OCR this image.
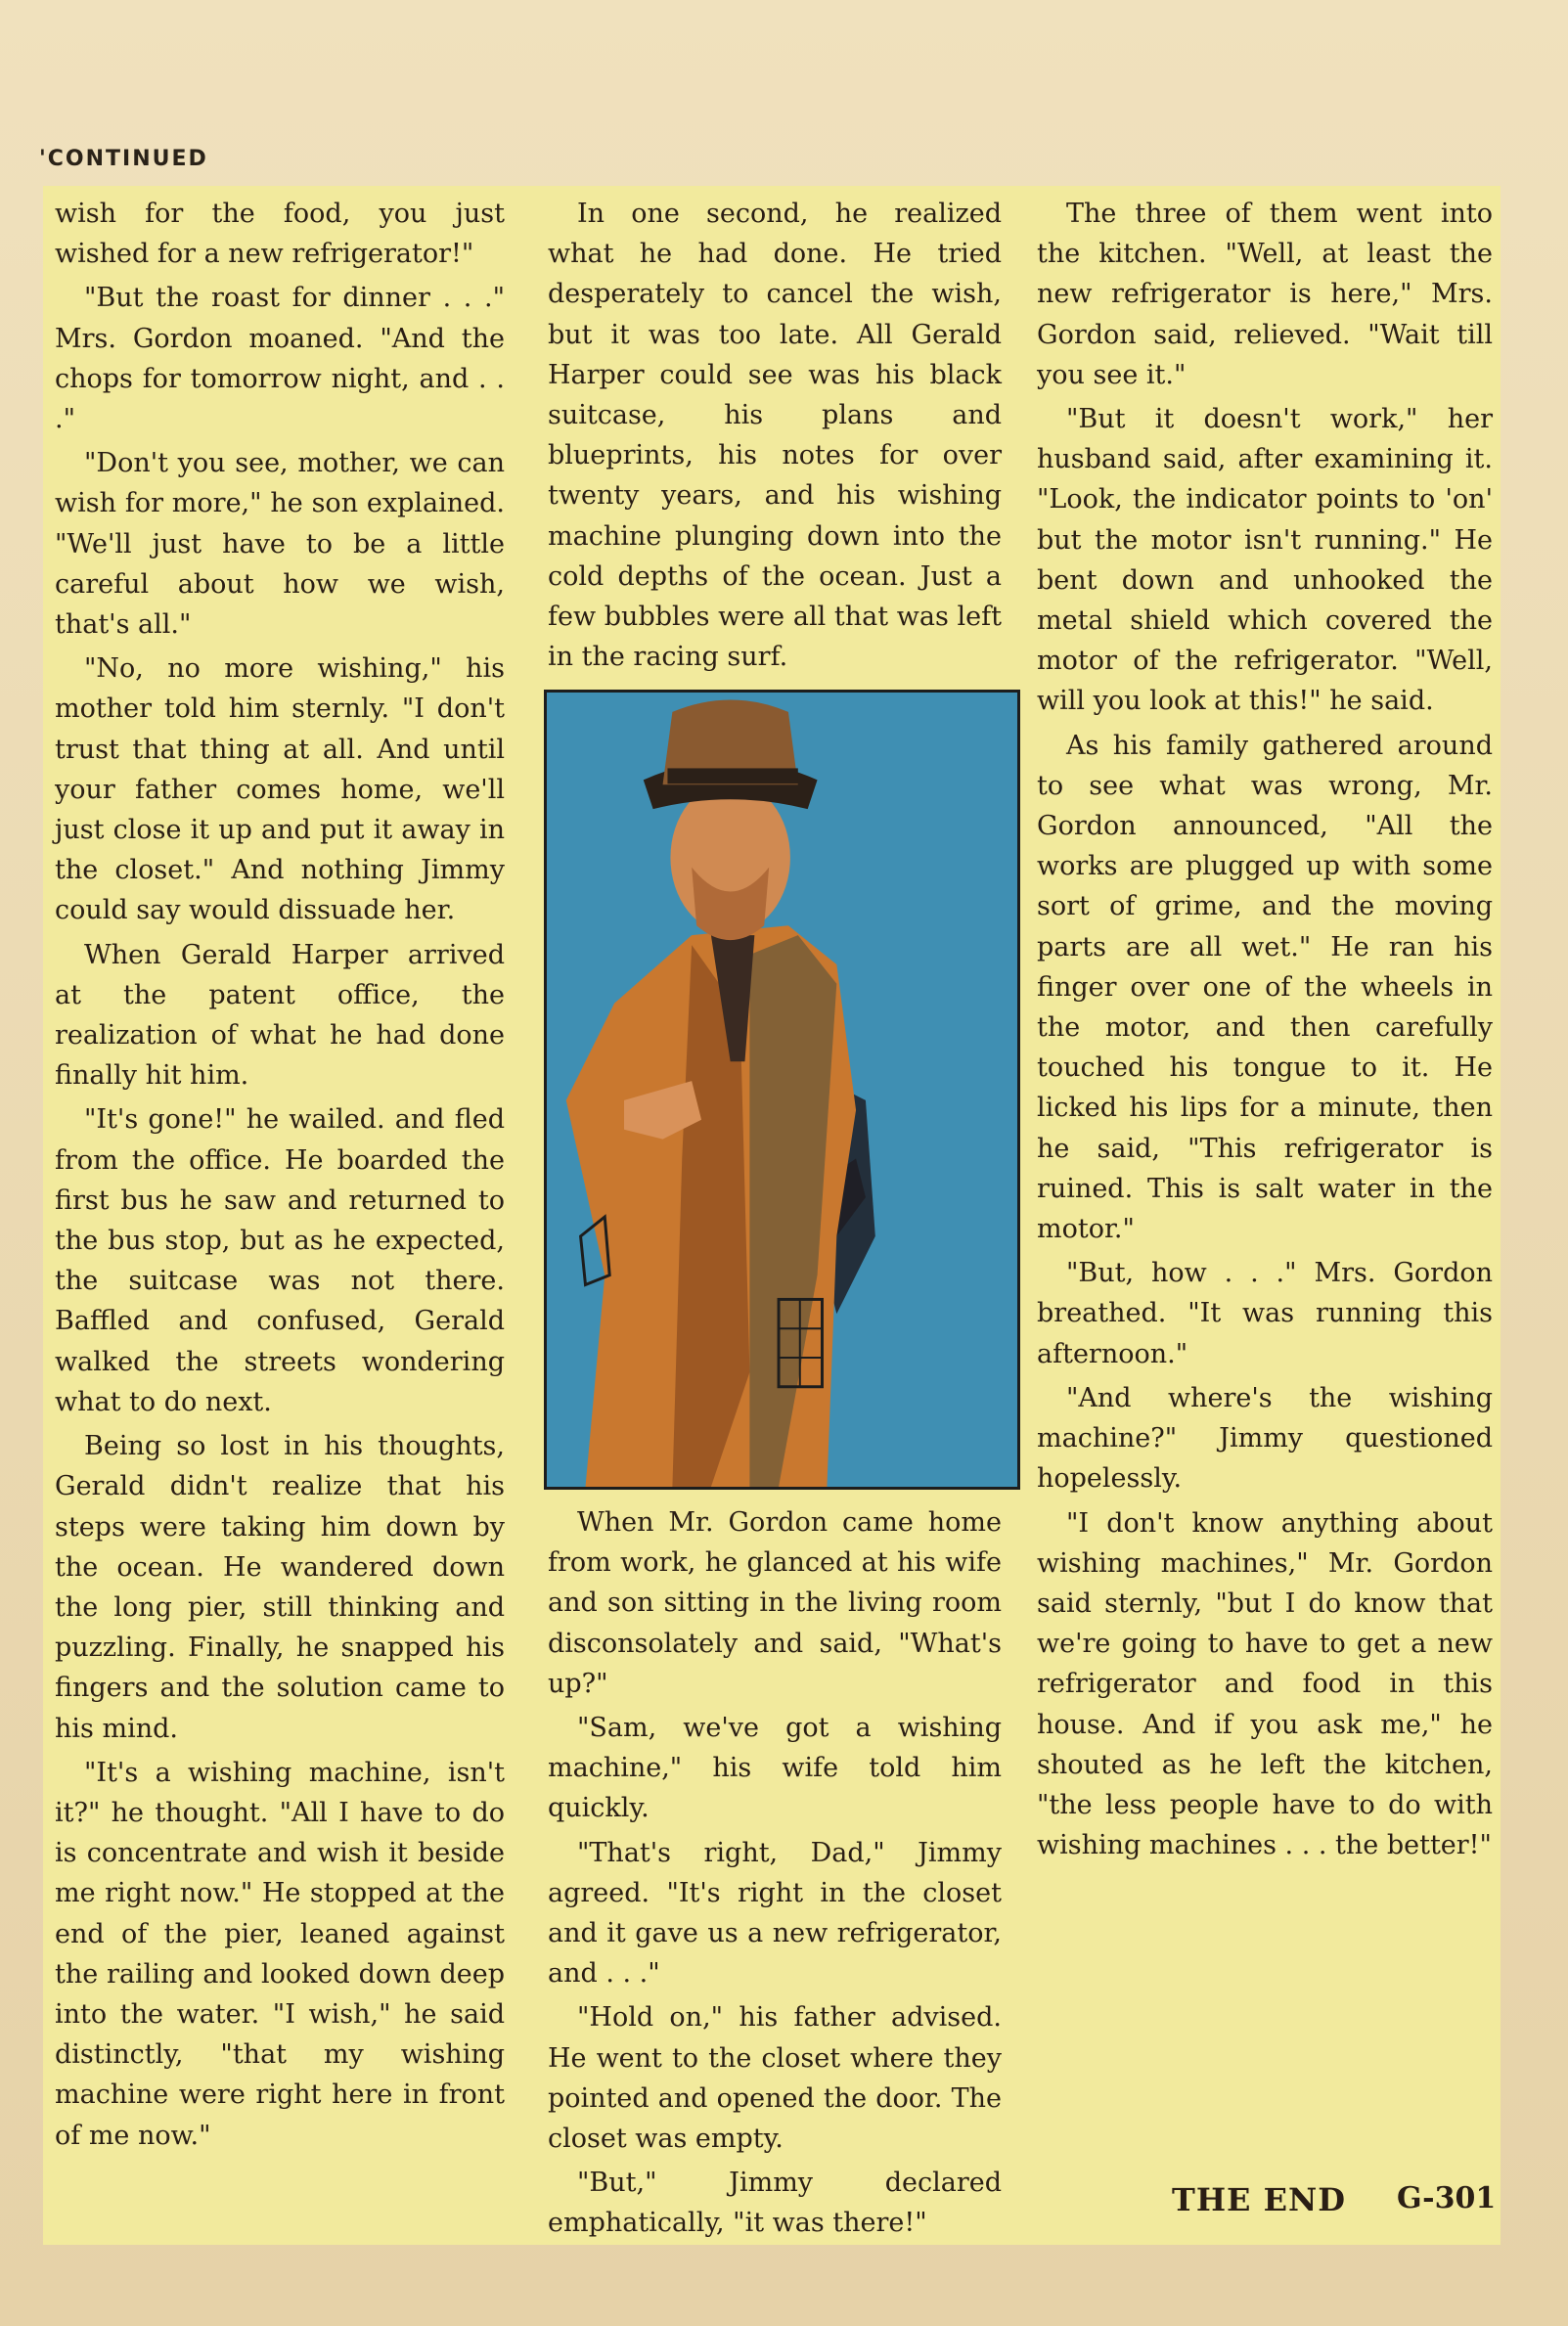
'CONTINUED

wish for the food, you just wished for a new refrigerator!"

"But the roast for dinner . . ." Mrs. Gordon moaned. "And the chops for tomorrow night, and . . ."

"Don't you see, mother, we can wish for more," he son explained. "We'll just have to be a little careful about how we wish, that's all."

"No, no more wishing," his mother told him sternly. "I don't trust that thing at all. And until your father comes home, we'll just close it up and put it away in the closet." And nothing Jimmy could say would dissuade her.

When Gerald Harper arrived at the patent office, the realization of what he had done finally hit him.

"It's gone!" he wailed. and fled from the office. He boarded the first bus he saw and returned to the bus stop, but as he expected, the suitcase was not there. Baffled and confused, Gerald walked the streets wondering what to do next.

Being so lost in his thoughts, Gerald didn't realize that his steps were taking him down by the ocean. He wandered down the long pier, still thinking and puzzling. Finally, he snapped his fingers and the solution came to his mind.

"It's a wishing machine, isn't it?" he thought. "All I have to do is concentrate and wish it beside me right now." He stopped at the end of the pier, leaned against the railing and looked down deep into the water. "I wish," he said distinctly, "that my wishing machine were right here in front of me now."

In one second, he realized what he had done. He tried desperately to cancel the wish, but it was too late. All Gerald Harper could see was his black suitcase, his plans and blueprints, his notes for over twenty years, and his wishing machine plunging down into the cold depths of the ocean. Just a few bubbles were all that was left in the racing surf.

When Mr. Gordon came home from work, he glanced at his wife and son sitting in the living room disconsolately and said, "What's up?"

"Sam, we've got a wishing machine," his wife told him quickly.

"That's right, Dad," Jimmy agreed. "It's right in the closet and it gave us a new refrigerator, and . . ."

"Hold on," his father advised. He went to the closet where they pointed and opened the door. The closet was empty.

"But," Jimmy declared emphatically, "it was there!"

The three of them went into the kitchen. "Well, at least the new refrigerator is here," Mrs. Gordon said, relieved. "Wait till you see it."

"But it doesn't work," her husband said, after examining it. "Look, the indicator points to 'on' but the motor isn't running." He bent down and unhooked the metal shield which covered the motor of the refrigerator. "Well, will you look at this!" he said.

As his family gathered around to see what was wrong, Mr. Gordon announced, "All the works are plugged up with some sort of grime, and the moving parts are all wet." He ran his finger over one of the wheels in the motor, and then carefully touched his tongue to it. He licked his lips for a minute, then he said, "This refrigerator is ruined. This is salt water in the motor."

"But, how . . ." Mrs. Gordon breathed. "It was running this afternoon."

"And where's the wishing machine?" Jimmy questioned hopelessly.

"I don't know anything about wishing machines," Mr. Gordon said sternly, "but I do know that we're going to have to get a new refrigerator and food in this house. And if you ask me," he shouted as he left the kitchen, "the less people have to do with wishing machines . . . the better!"

THE END G-301
